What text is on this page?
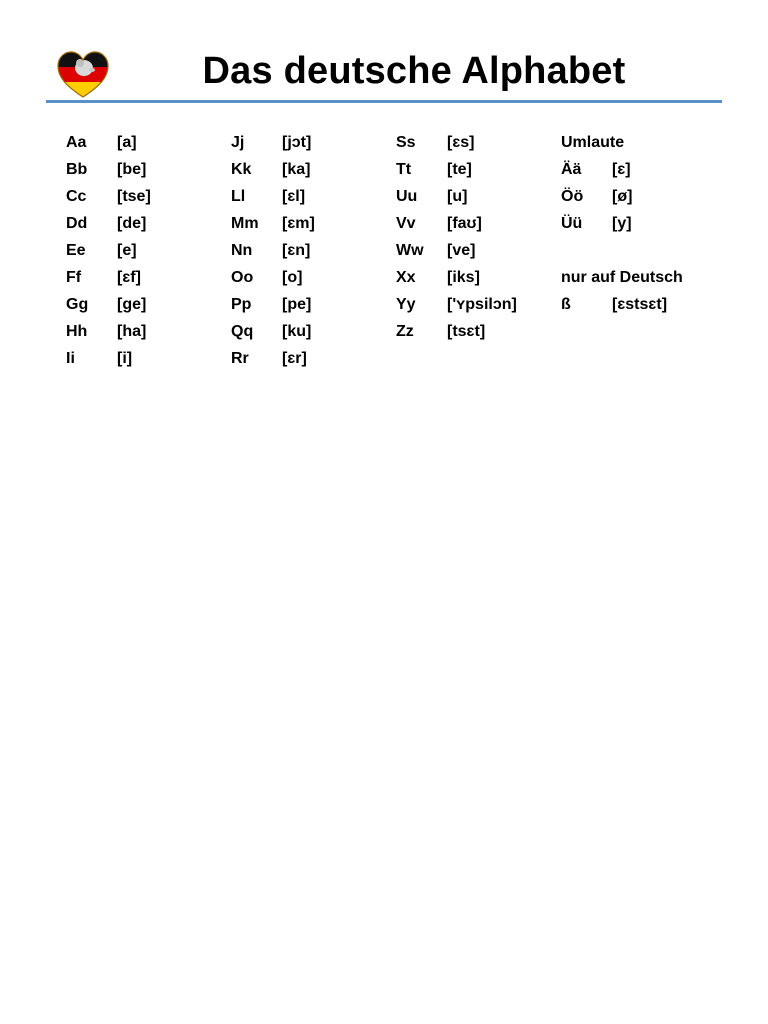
Das deutsche Alphabet
Aa	[a]
Bb	[be]
Cc	[tse]
Dd	[de]
Ee	[e]
Ff	[ɛf]
Gg	[ge]
Hh	[ha]
Ii	[i]
Jj	[jɔt]
Kk	[ka]
Ll	[ɛl]
Mm	[ɛm]
Nn	[ɛn]
Oo	[o]
Pp	[pe]
Qq	[ku]
Rr	[ɛr]
Ss	[ɛs]
Tt	[te]
Uu	[u]
Vv	[faʊ]
Ww	[ve]
Xx	[iks]
Yy	['ʏpsilɔn]
Zz	[tsɛt]
Umlaute
Ää	[ɛ]
Öö	[ø]
Üü	[y]
nur auf Deutsch
ß	[ɛstsɛt]
